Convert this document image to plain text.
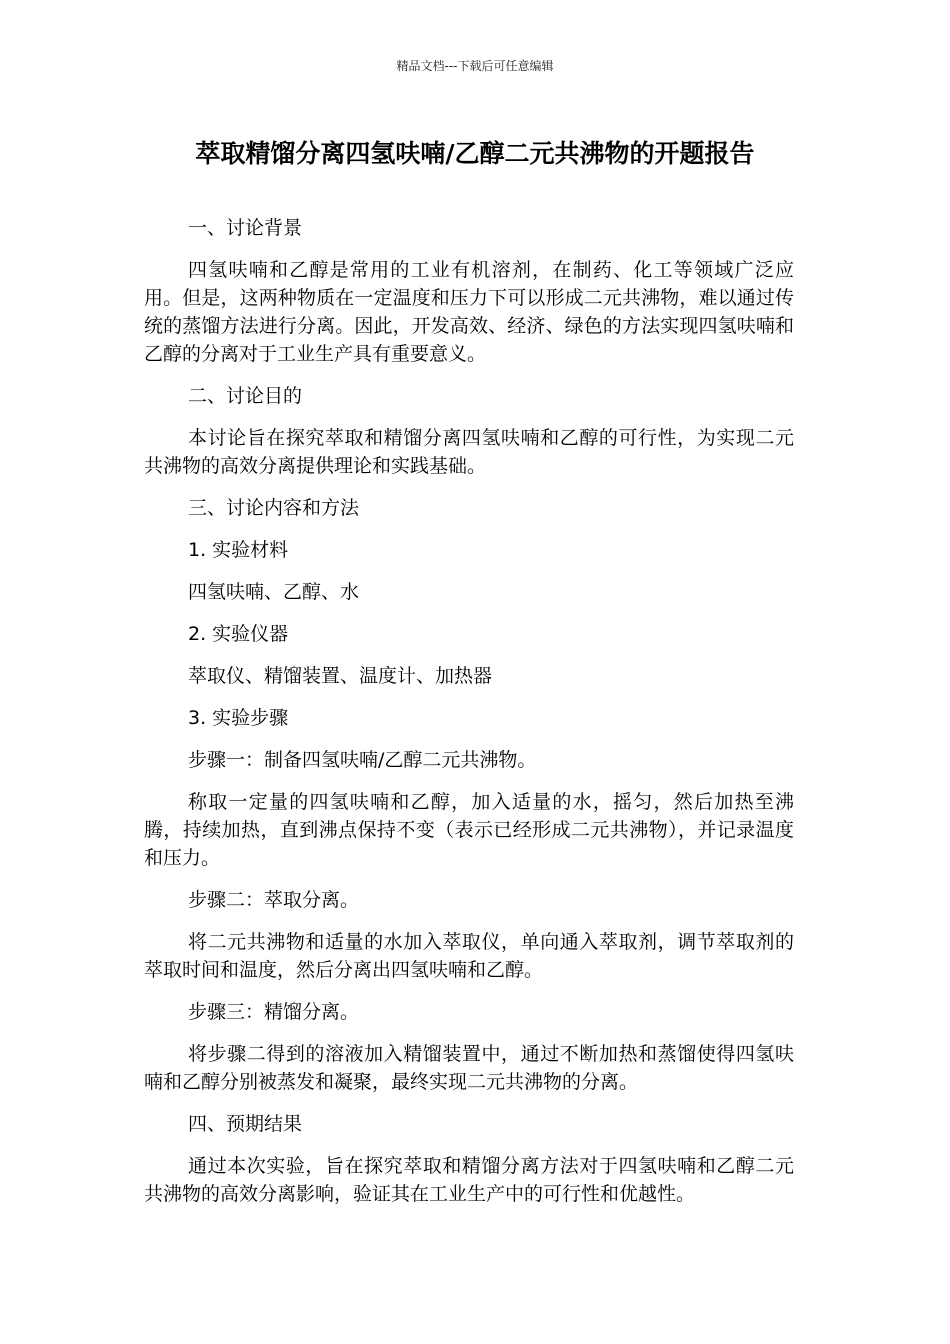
精品文档---下载后可任意编辑
萃取精馏分离四氢呋喃/乙醇二元共沸物的开题报告

一、讨论背景

四氢呋喃和乙醇是常用的工业有机溶剂，在制药、化工等领域广泛应用。但是，这两种物质在一定温度和压力下可以形成二元共沸物，难以通过传统的蒸馏方法进行分离。因此，开发高效、经济、绿色的方法实现四氢呋喃和乙醇的分离对于工业生产具有重要意义。

二、讨论目的

本讨论旨在探究萃取和精馏分离四氢呋喃和乙醇的可行性，为实现二元共沸物的高效分离提供理论和实践基础。

三、讨论内容和方法

1. 实验材料

四氢呋喃、乙醇、水

2. 实验仪器

萃取仪、精馏装置、温度计、加热器

3. 实验步骤

步骤一：制备四氢呋喃/乙醇二元共沸物。

称取一定量的四氢呋喃和乙醇，加入适量的水，摇匀，然后加热至沸腾，持续加热，直到沸点保持不变（表示已经形成二元共沸物），并记录温度和压力。

步骤二：萃取分离。

将二元共沸物和适量的水加入萃取仪，单向通入萃取剂，调节萃取剂的萃取时间和温度，然后分离出四氢呋喃和乙醇。

步骤三：精馏分离。

将步骤二得到的溶液加入精馏装置中，通过不断加热和蒸馏使得四氢呋喃和乙醇分别被蒸发和凝聚，最终实现二元共沸物的分离。

四、预期结果

通过本次实验，旨在探究萃取和精馏分离方法对于四氢呋喃和乙醇二元共沸物的高效分离影响，验证其在工业生产中的可行性和优越性。
